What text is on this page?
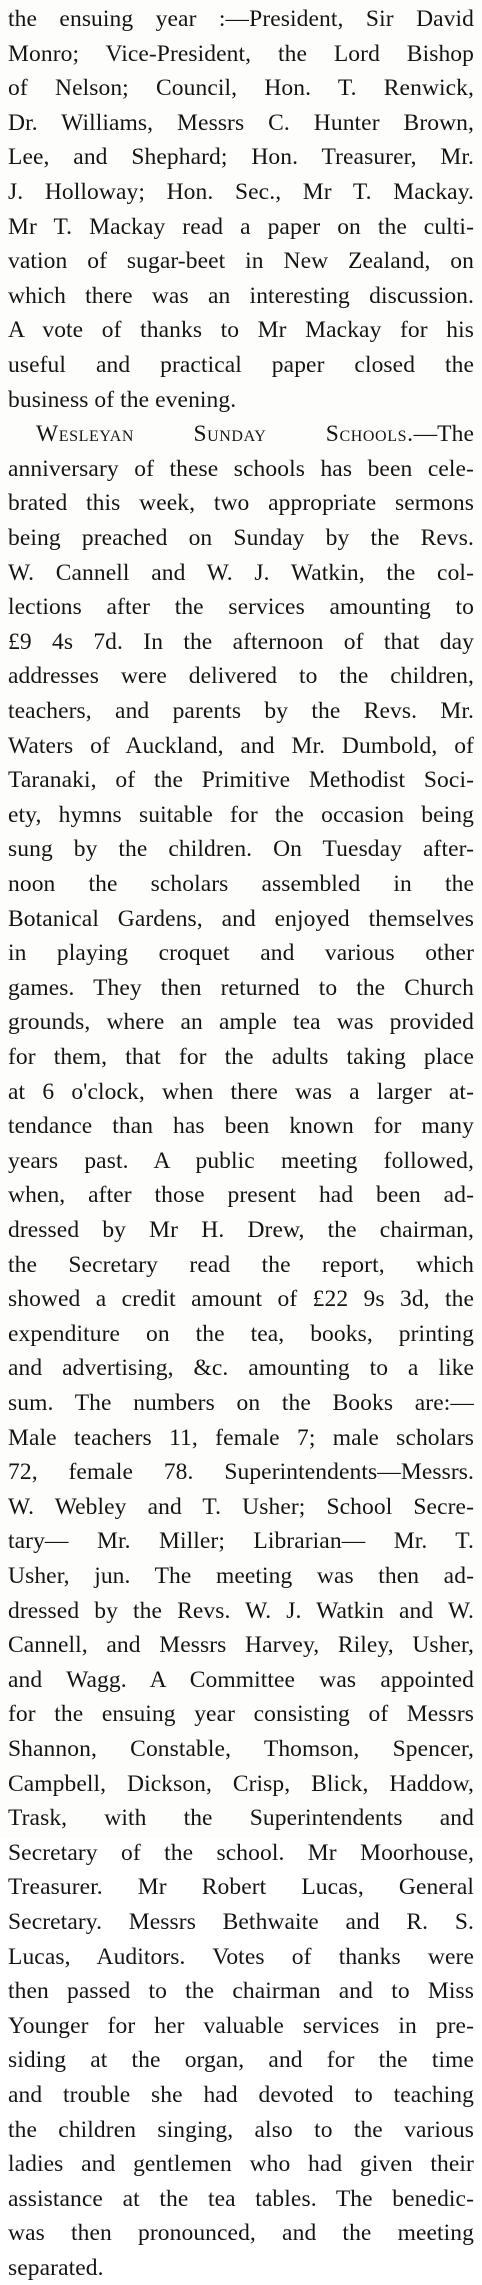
the ensuing year :—President, Sir David
Monro; Vice-President, the Lord Bishop
of Nelson; Council, Hon. T. Renwick,
Dr. Williams, Messrs C. Hunter Brown,
Lee, and Shephard; Hon. Treasurer, Mr.
J. Holloway; Hon. Sec., Mr T. Mackay.
Mr T. Mackay read a paper on the culti-
vation of sugar-beet in New Zealand, on
which there was an interesting discussion.
A vote of thanks to Mr Mackay for his
useful and practical paper closed the
business of the evening.
Wesleyan Sunday Schools.—The
anniversary of these schools has been cele-
brated this week, two appropriate sermons
being preached on Sunday by the Revs.
W. Cannell and W. J. Watkin, the col-
lections after the services amounting to
£9 4s 7d. In the afternoon of that day
addresses were delivered to the children,
teachers, and parents by the Revs. Mr.
Waters of Auckland, and Mr. Dumbold, of
Taranaki, of the Primitive Methodist Soci-
ety, hymns suitable for the occasion being
sung by the children. On Tuesday after-
noon the scholars assembled in the
Botanical Gardens, and enjoyed themselves
in playing croquet and various other
games. They then returned to the Church
grounds, where an ample tea was provided
for them, that for the adults taking place
at 6 o'clock, when there was a larger at-
tendance than has been known for many
years past. A public meeting followed,
when, after those present had been ad-
dressed by Mr H. Drew, the chairman,
the Secretary read the report, which
showed a credit amount of £22 9s 3d, the
expenditure on the tea, books, printing
and advertising, &c. amounting to a like
sum. The numbers on the Books are:—
Male teachers 11, female 7; male scholars
72, female 78. Superintendents—Messrs.
W. Webley and T. Usher; School Secre-
tary— Mr. Miller; Librarian— Mr. T.
Usher, jun. The meeting was then ad-
dressed by the Revs. W. J. Watkin and W.
Cannell, and Messrs Harvey, Riley, Usher,
and Wagg. A Committee was appointed
for the ensuing year consisting of Messrs
Shannon, Constable, Thomson, Spencer,
Campbell, Dickson, Crisp, Blick, Haddow,
Trask, with the Superintendents and
Secretary of the school. Mr Moorhouse,
Treasurer. Mr Robert Lucas, General
Secretary. Messrs Bethwaite and R. S.
Lucas, Auditors. Votes of thanks were
then passed to the chairman and to Miss
Younger for her valuable services in pre-
siding at the organ, and for the time
and trouble she had devoted to teaching
the children singing, also to the various
ladies and gentlemen who had given their
assistance at the tea tables. The benedic-
was then pronounced, and the meeting
separated.
